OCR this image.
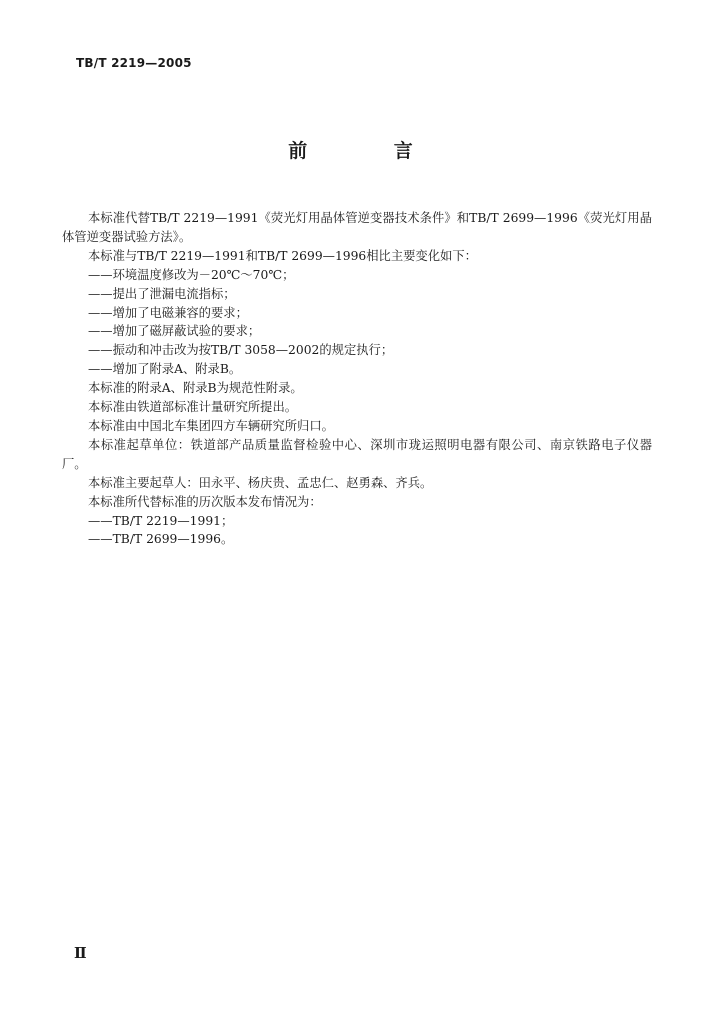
TB/T 2219—2005
前 言

本标准代替TB/T 2219—1991《荧光灯用晶体管逆变器技术条件》和TB/T 2699—1996《荧光灯用晶体管逆变器试验方法》。

本标准与TB/T 2219—1991和TB/T 2699—1996相比主要变化如下：

——环境温度修改为－20℃～70℃；

——提出了泄漏电流指标；

——增加了电磁兼容的要求；

——增加了磁屏蔽试验的要求；

——振动和冲击改为按TB/T 3058—2002的规定执行；

——增加了附录A、附录B。

本标准的附录A、附录B为规范性附录。

本标准由铁道部标准计量研究所提出。

本标准由中国北车集团四方车辆研究所归口。

本标准起草单位：铁道部产品质量监督检验中心、深圳市珑运照明电器有限公司、南京铁路电子仪器厂。

本标准主要起草人：田永平、杨庆贵、孟忠仁、赵勇森、齐兵。

本标准所代替标准的历次版本发布情况为：

——TB/T 2219—1991；

——TB/T 2699—1996。

Ⅱ
